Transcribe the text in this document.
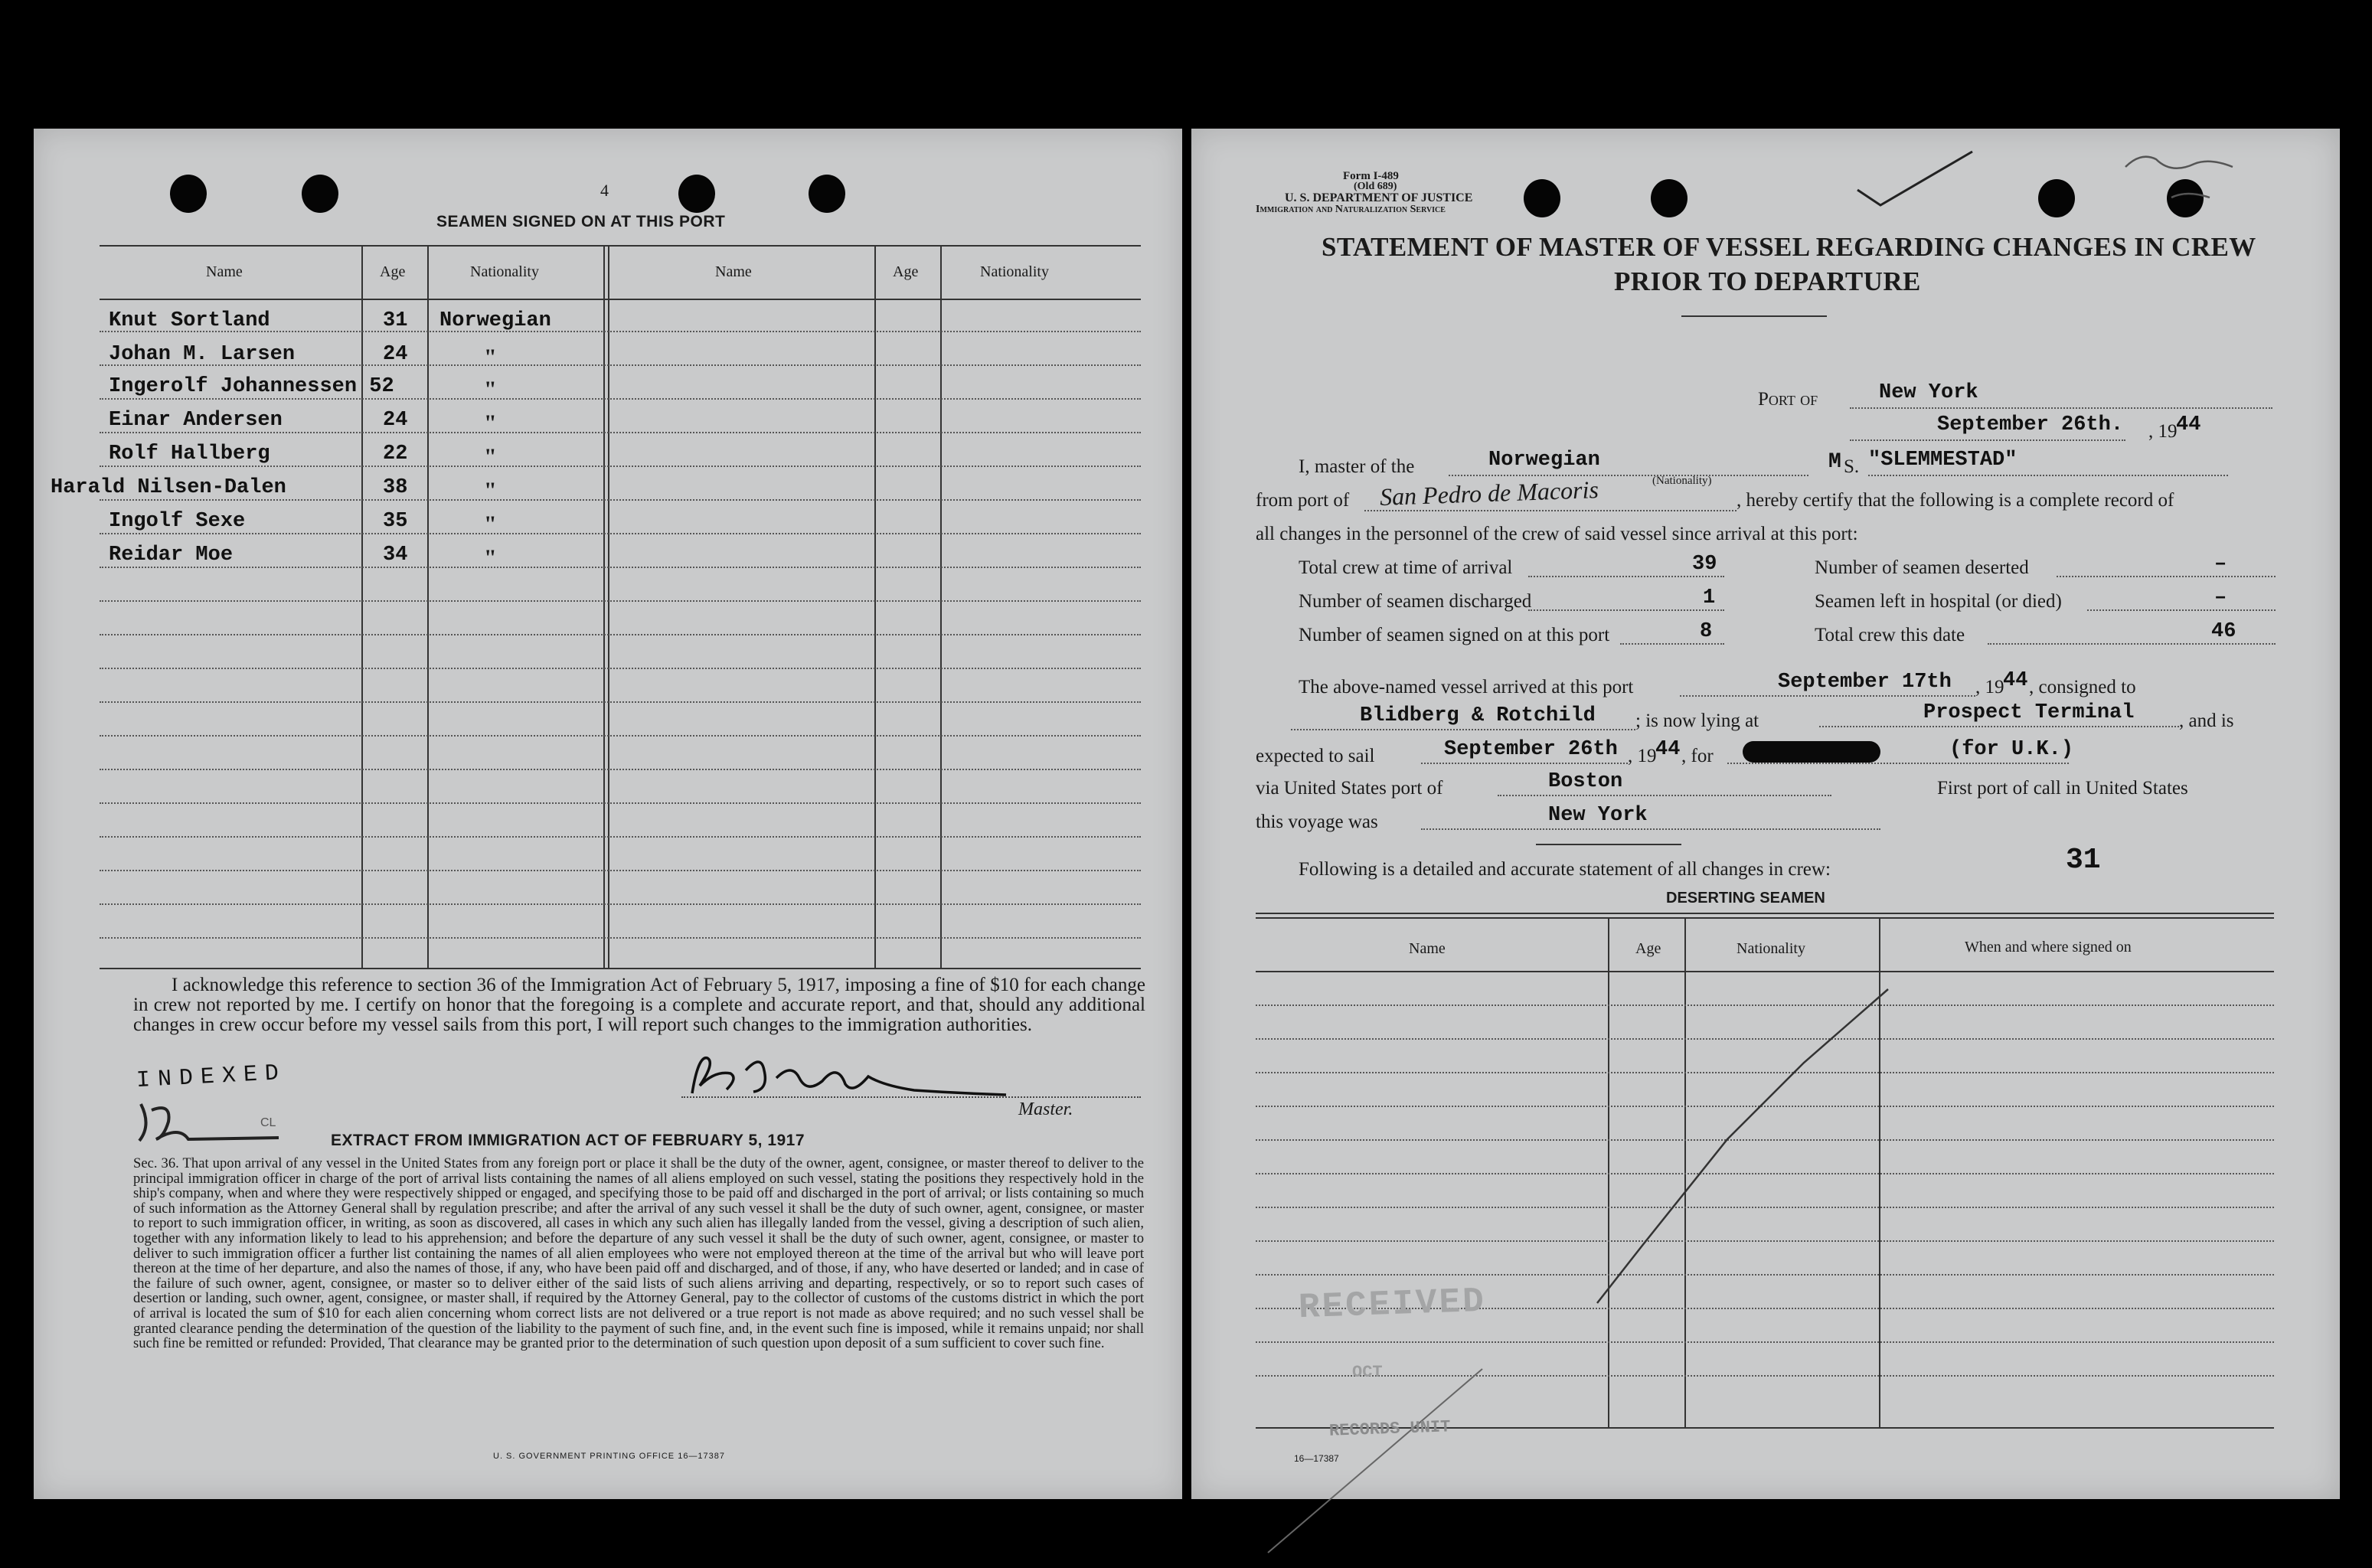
4
SEAMEN SIGNED ON AT THIS PORT
Name	Age	Nationality	Name	Age	Nationality
Knut Sortland	31 Norwegian
Johan M. Larsen	24	"
Ingerolf Johannessen 52	"
Einar Andersen	24	"
Rolf Hallberg	22	"
Harald Nilsen-Dalen	38	"
Ingolf Sexe	35	"
Reidar Moe	34	"
I acknowledge this reference to section 36 of the Immigration Act of February 5, 1917, imposing a fine of $10 for each change in crew not reported by me. I certify on honor that the foregoing is a complete and accurate report, and that, should any additional changes in crew occur before my vessel sails from this port, I will report such changes to the immigration authorities.
INDEXED
CL
Master.
EXTRACT FROM IMMIGRATION ACT OF FEBRUARY 5, 1917
Sec. 36. That upon arrival of any vessel in the United States from any foreign port or place it shall be the duty of the owner, agent, consignee, or master thereof to deliver to the principal immigration officer in charge of the port of arrival lists containing the names of all aliens employed on such vessel, stating the positions they respectively hold in the ship's company, when and where they were respectively shipped or engaged, and specifying those to be paid off and discharged in the port of arrival; or lists containing so much of such information as the Attorney General shall by regulation prescribe; and after the arrival of any such vessel it shall be the duty of such owner, agent, consignee, or master to report to such immigration officer, in writing, as soon as discovered, all cases in which any such alien has illegally landed from the vessel, giving a description of such alien, together with any information likely to lead to his apprehension; and before the departure of any such vessel it shall be the duty of such owner, agent, consignee, or master to deliver to such immigration officer a further list containing the names of all alien employees who were not employed thereon at the time of the arrival but who will leave port thereon at the time of her departure, and also the names of those, if any, who have been paid off and discharged, and of those, if any, who have deserted or landed; and in case of the failure of such owner, agent, consignee, or master so to deliver either of the said lists of such aliens arriving and departing, respectively, or so to report such cases of desertion or landing, such owner, agent, consignee, or master shall, if required by the Attorney General, pay to the collector of customs of the customs district in which the port of arrival is located the sum of $10 for each alien concerning whom correct lists are not delivered or a true report is not made as above required; and no such vessel shall be granted clearance pending the determination of the question of the liability to the payment of such fine, and, in the event such fine is imposed, while it remains unpaid; nor shall such fine be remitted or refunded: Provided, That clearance may be granted prior to the determination of such question upon deposit of a sum sufficient to cover such fine.
U. S. GOVERNMENT PRINTING OFFICE 16—17387
Form I-489
(Old 689)
U. S. DEPARTMENT OF JUSTICE
Immigration and Naturalization Service
STATEMENT OF MASTER OF VESSEL REGARDING CHANGES IN CREW
PRIOR TO DEPARTURE
Port of	New York
September 26th. , 19
44
I, master of the	Norwegian
(Nationality)
M S. "SLEMMESTAD"
from port of San Pedro de Macoris	, hereby certify that the following is a complete record of
all changes in the personnel of the crew of said vessel since arrival at this port:
Total crew at time of arrival	39	Number of seamen deserted	–
Number of seamen discharged	1	Seamen left in hospital (or died)	–
Number of seamen signed on at this port	8	Total crew this date	46
The above-named vessel arrived at this port	September 17th , 19
44 , consigned to
Blidberg & Rotchild ; is now lying at	Prospect Terminal , and is
expected to sail	September 26th , 19
44 , for	(for U.K.)
via United States port of	Boston	First port of call in United States
this voyage was	New York
Following is a detailed and accurate statement of all changes in crew:	31
DESERTING SEAMEN
Name	Age	Nationality	When and where signed on
RECEIVED
OCT
RECORDS UNIT
16—17387
